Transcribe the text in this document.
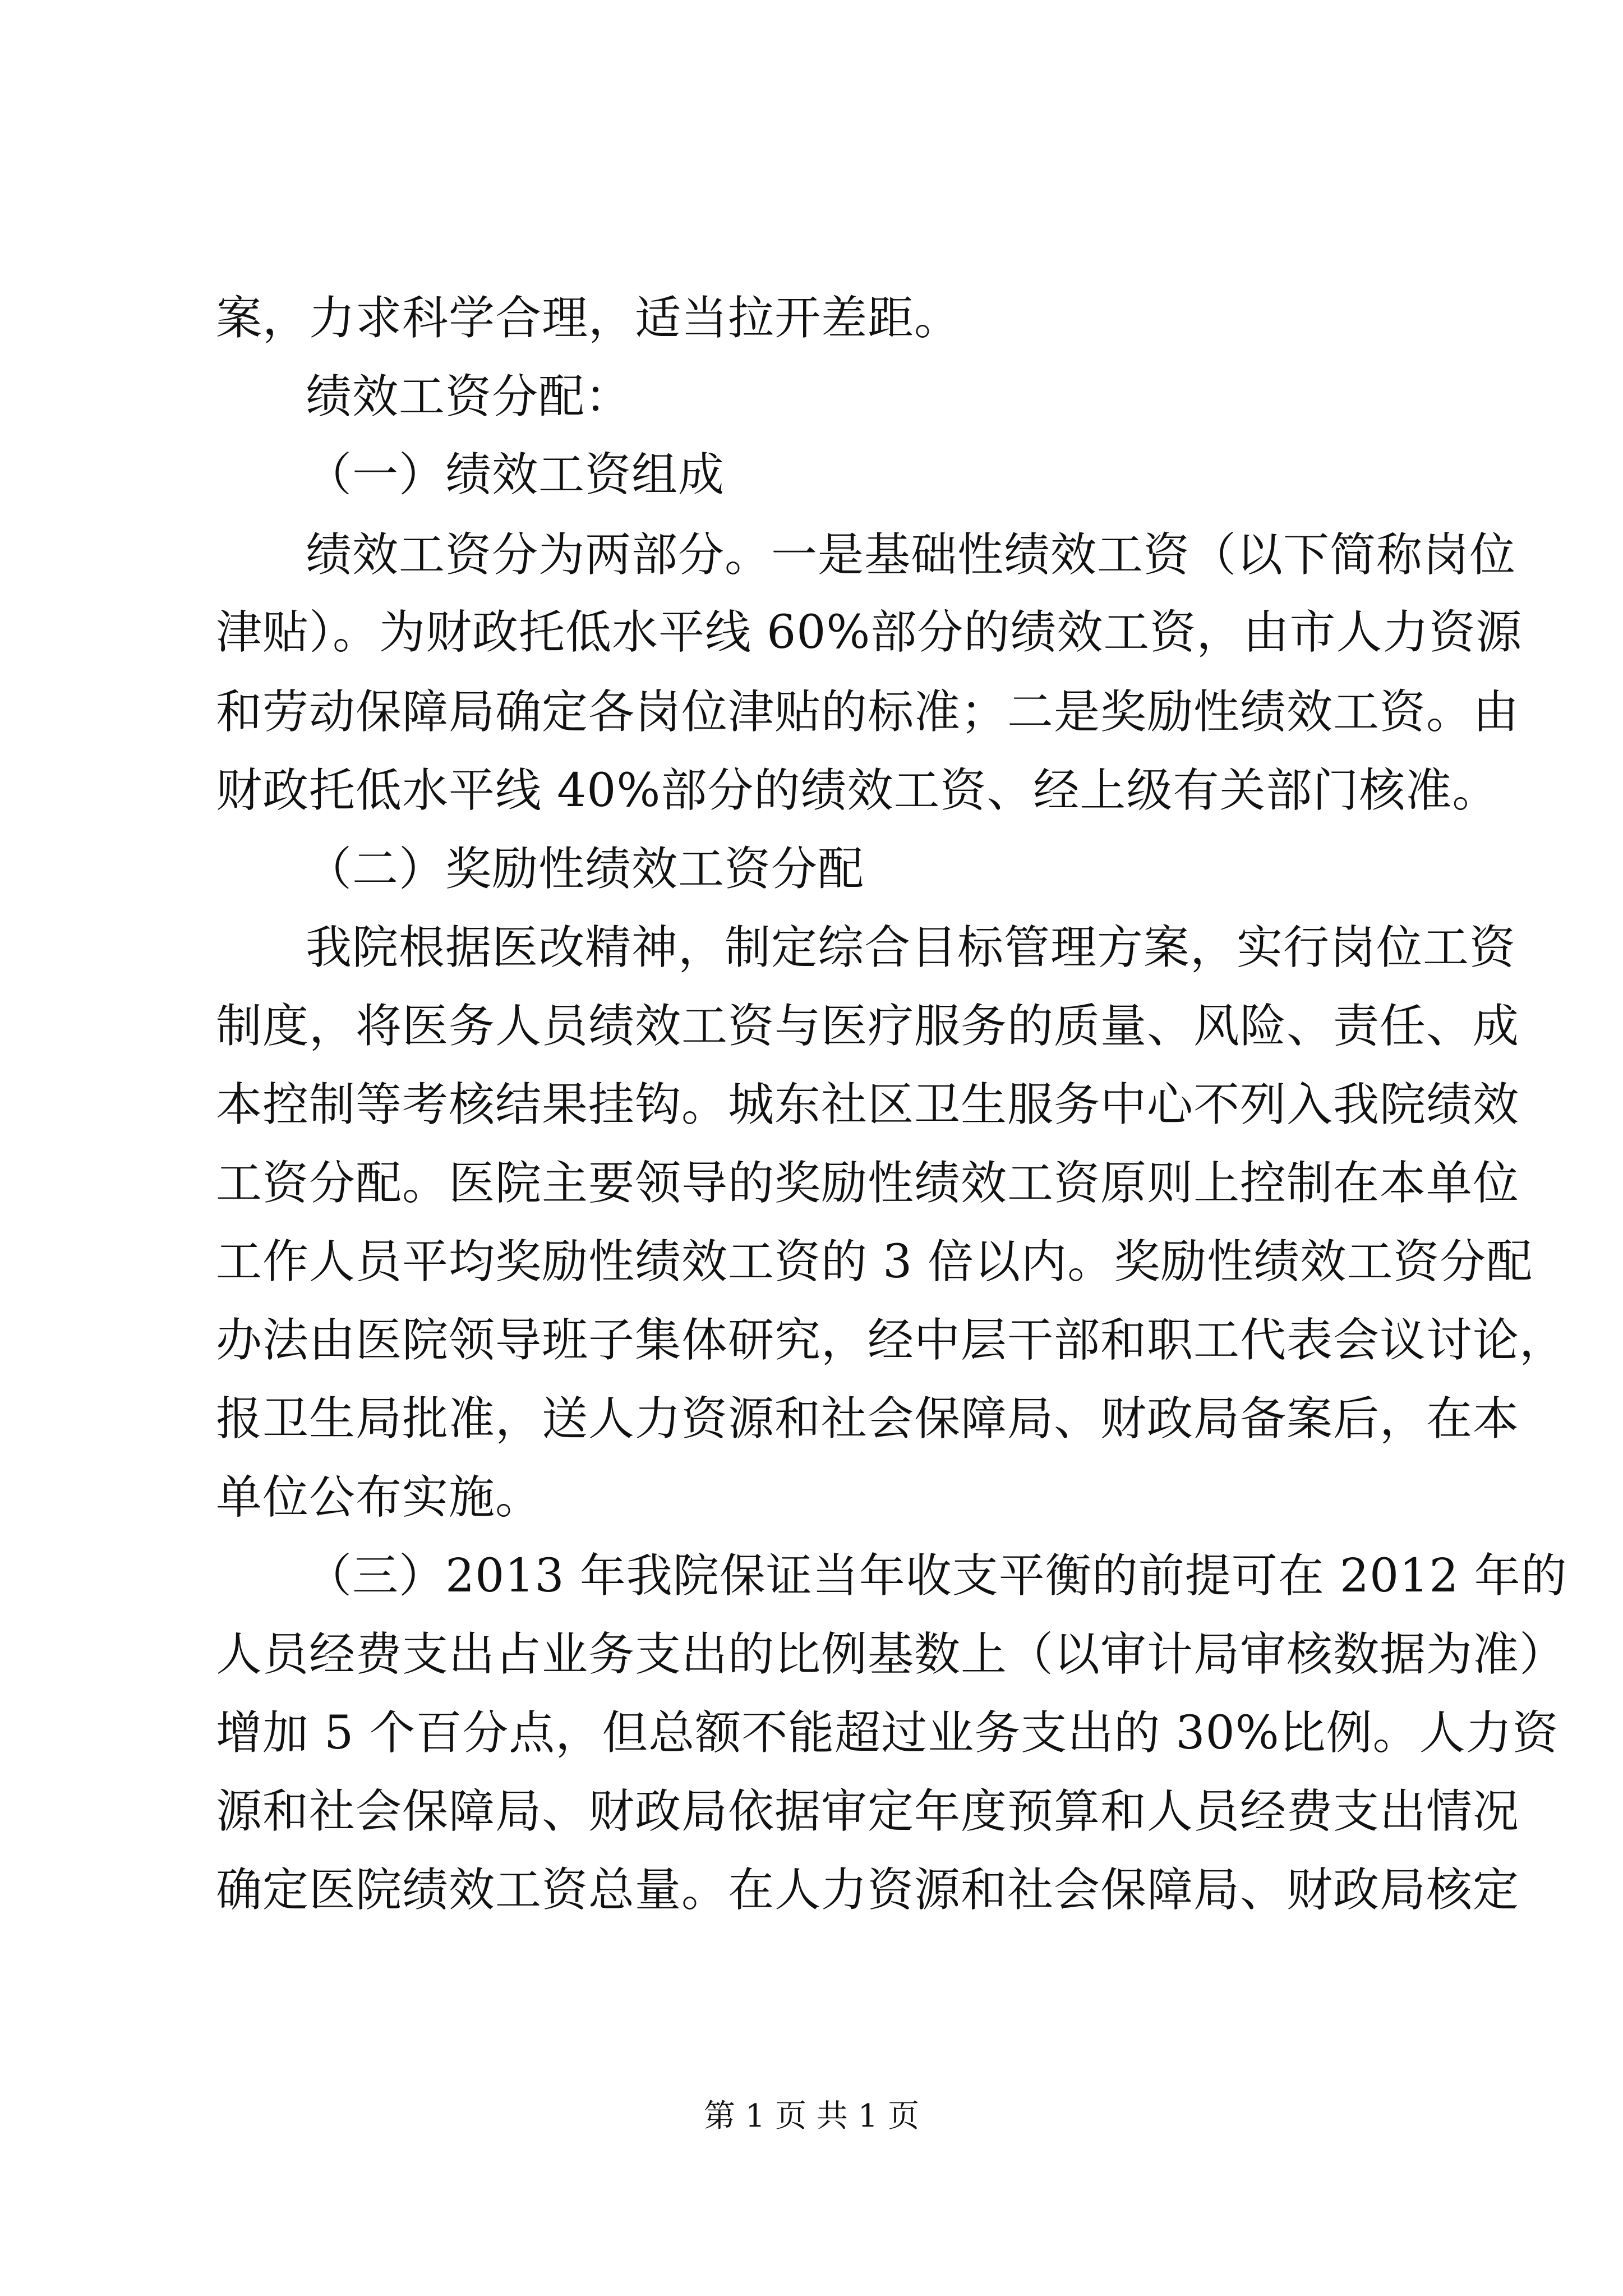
案，力求科学合理，适当拉开差距。
绩效工资分配：
（一）绩效工资组成
绩效工资分为两部分。一是基础性绩效工资（以下简称岗位
津贴）。为财政托低水平线 60%部分的绩效工资，由市人力资源
和劳动保障局确定各岗位津贴的标准；二是奖励性绩效工资。由
财政托低水平线 40%部分的绩效工资、经上级有关部门核准。
（二）奖励性绩效工资分配
我院根据医改精神，制定综合目标管理方案，实行岗位工资
制度，将医务人员绩效工资与医疗服务的质量、风险、责任、成
本控制等考核结果挂钩。城东社区卫生服务中心不列入我院绩效
工资分配。医院主要领导的奖励性绩效工资原则上控制在本单位
工作人员平均奖励性绩效工资的 3 倍以内。奖励性绩效工资分配
办法由医院领导班子集体研究，经中层干部和职工代表会议讨论，
报卫生局批准，送人力资源和社会保障局、财政局备案后，在本
单位公布实施。
（三）2013 年我院保证当年收支平衡的前提可在 2012 年的
人员经费支出占业务支出的比例基数上（以审计局审核数据为准）
增加 5 个百分点，但总额不能超过业务支出的 30%比例。人力资
源和社会保障局、财政局依据审定年度预算和人员经费支出情况
确定医院绩效工资总量。在人力资源和社会保障局、财政局核定
第 1 页 共 1 页
